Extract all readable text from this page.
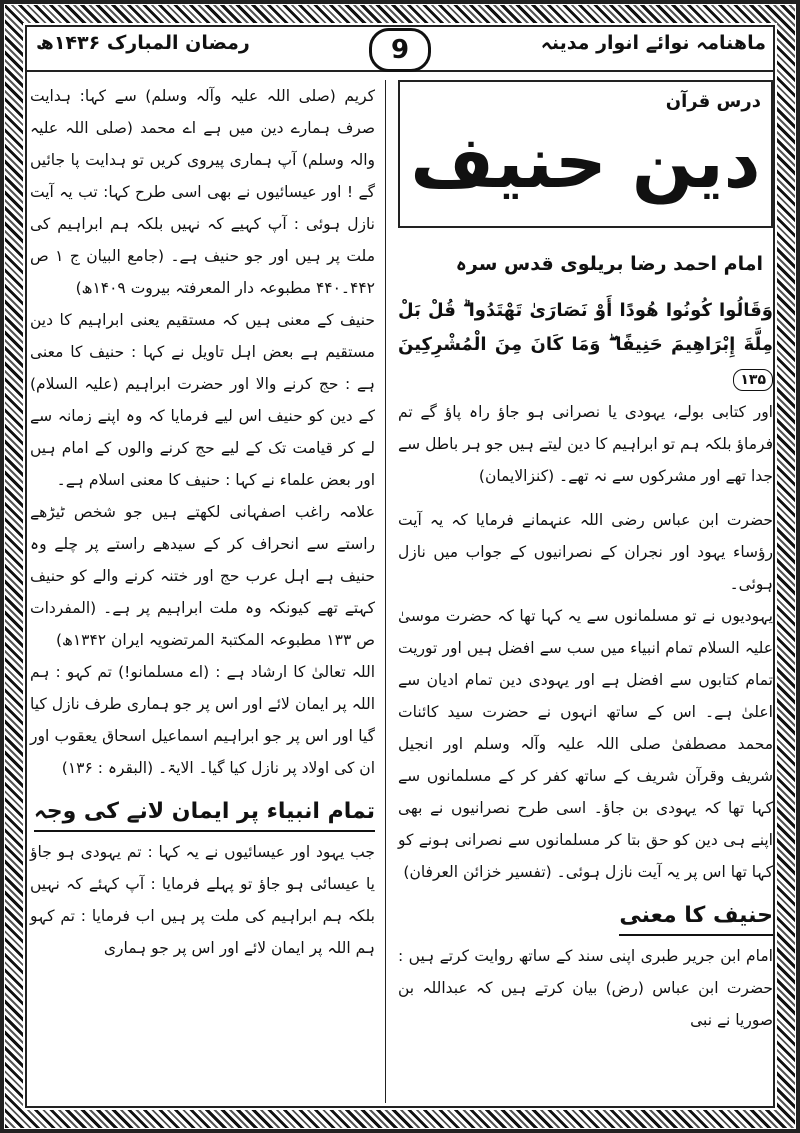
ماھنامہ نوائے انوار مدینہ
9
رمضان المبارک ۱۴۳۶ھ
درس قرآن
دین حنیف
امام احمد رضا بریلوی قدس سرہ

وَقَالُوا كُونُوا هُودًا أَوْ نَصَارَىٰ تَهْتَدُوا ۗ قُلْ بَلْ مِلَّةَ إِبْرَاهِيمَ حَنِيفًا ۖ وَمَا كَانَ مِنَ الْمُشْرِكِينَ ۱۳۵

اور کتابی بولے، یہودی یا نصرانی ہو جاؤ راہ پاؤ گے تم فرماؤ بلکہ ہم تو ابراہیم کا دین لیتے ہیں جو ہر باطل سے جدا تھے اور مشرکوں سے نہ تھے۔ (کنزالایمان)

حضرت ابن عباس رضی اللہ عنہمانے فرمایا کہ یہ آیت رؤساء یہود اور نجران کے نصرانیوں کے جواب میں نازل ہوئی۔

یہودیوں نے تو مسلمانوں سے یہ کہا تھا کہ حضرت موسیٰ علیہ السلام تمام انبیاء میں سب سے افضل ہیں اور توریت تمام کتابوں سے افضل ہے اور یہودی دین تمام ادیان سے اعلیٰ ہے۔ اس کے ساتھ انہوں نے حضرت سید کائنات محمد مصطفیٰ صلی اللہ علیہ وآلہ وسلم اور انجیل شریف وقرآن شریف کے ساتھ کفر کر کے مسلمانوں سے کہا تھا کہ یہودی بن جاؤ۔ اسی طرح نصرانیوں نے بھی اپنے ہی دین کو حق بتا کر مسلمانوں سے نصرانی ہونے کو کہا تھا اس پر یہ آیت نازل ہوئی۔ (تفسیر خزائن العرفان)

حنیف کا معنی

امام ابن جریر طبری اپنی سند کے ساتھ روایت کرتے ہیں : حضرت ابن عباس (رض) بیان کرتے ہیں کہ عبداللہ بن صوریا نے نبی

کریم (صلی اللہ علیہ وآلہ وسلم) سے کہا: ہدایت صرف ہمارے دین میں ہے اے محمد (صلی اللہ علیہ والہ وسلم) آپ ہماری پیروی کریں تو ہدایت پا جائیں گے ! اور عیسائیوں نے بھی اسی طرح کہا: تب یہ آیت نازل ہوئی : آپ کہیے کہ نہیں بلکہ ہم ابراہیم کی ملت پر ہیں اور جو حنیف ہے۔ (جامع البیان ج ۱ ص ۴۴۲۔۴۴۰ مطبوعہ دار المعرفتہ بیروت ۱۴۰۹ھ)

حنیف کے معنی ہیں کہ مستقیم یعنی ابراہیم کا دین مستقیم ہے بعض اہل تاویل نے کہا : حنیف کا معنی ہے : حج کرنے والا اور حضرت ابراہیم (علیہ السلام) کے دین کو حنیف اس لیے فرمایا کہ وہ اپنے زمانہ سے لے کر قیامت تک کے لیے حج کرنے والوں کے امام ہیں اور بعض علماء نے کہا : حنیف کا معنی اسلام ہے۔

علامہ راغب اصفہانی لکھتے ہیں جو شخص ٹیڑھے راستے سے انحراف کر کے سیدھے راستے پر چلے وہ حنیف ہے اہل عرب حج اور ختنہ کرنے والے کو حنیف کہتے تھے کیونکہ وہ ملت ابراہیم پر ہے۔ (المفردات ص ۱۳۳ مطبوعہ المکتبۃ المرتضویہ ایران ۱۳۴۲ھ)

اللہ تعالیٰ کا ارشاد ہے : (اے مسلمانو!) تم کہو : ہم اللہ پر ایمان لائے اور اس پر جو ہماری طرف نازل کیا گیا اور اس پر جو ابراہیم اسماعیل اسحاق یعقوب اور ان کی اولاد پر نازل کیا گیا۔ الایۃ۔ (البقرہ : ۱۳۶)

تمام انبیاء پر ایمان لانے کی وجہ

جب یہود اور عیسائیوں نے یہ کہا : تم یہودی ہو جاؤ یا عیسائی ہو جاؤ تو پہلے فرمایا : آپ کہئے کہ نہیں بلکہ ہم ابراہیم کی ملت پر ہیں اب فرمایا : تم کہو ہم اللہ پر ایمان لائے اور اس پر جو ہماری
